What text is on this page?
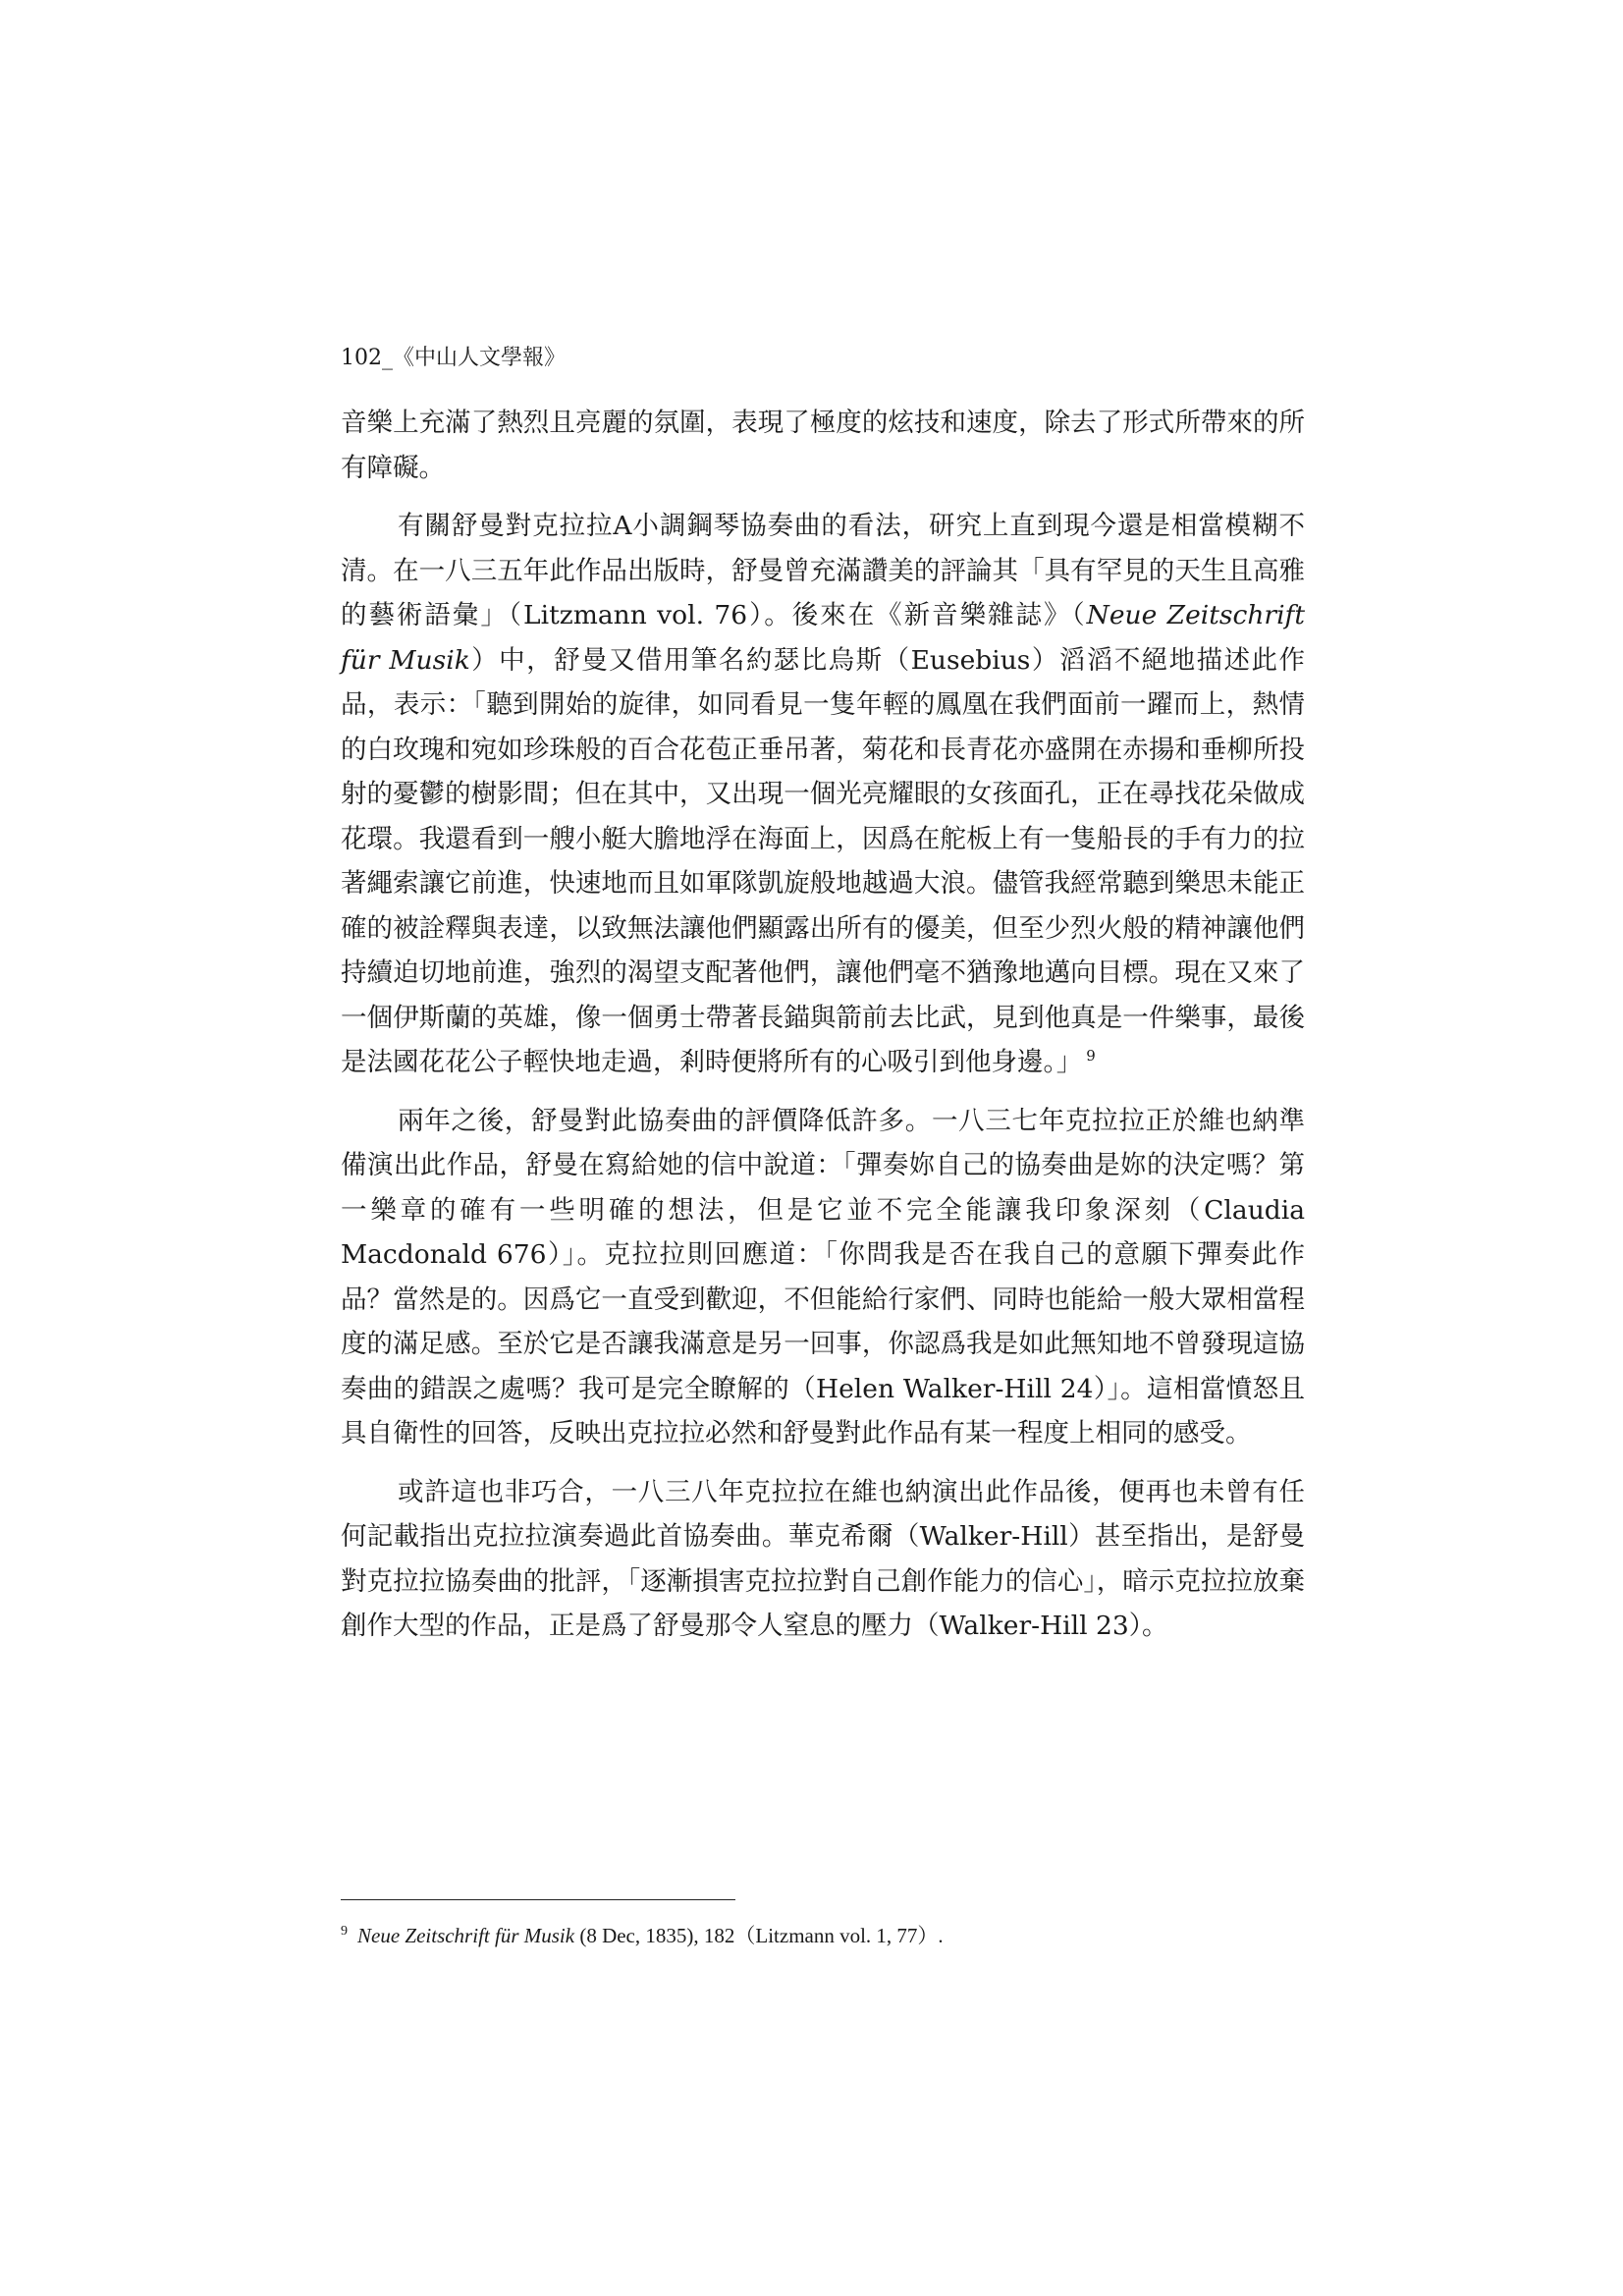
102_《中山人文學報》

音樂上充滿了熱烈且亮麗的氛圍，表現了極度的炫技和速度，除去了形式所帶來的所有障礙。

有關舒曼對克拉拉A小調鋼琴協奏曲的看法，研究上直到現今還是相當模糊不清。在一八三五年此作品出版時，舒曼曾充滿讚美的評論其「具有罕見的天生且高雅的藝術語彙」（Litzmann vol. 76）。後來在《新音樂雜誌》（Neue Zeitschrift für Musik）中，舒曼又借用筆名約瑟比烏斯（Eusebius）滔滔不絕地描述此作品，表示：「聽到開始的旋律，如同看見一隻年輕的鳳凰在我們面前一躍而上，熱情的白玫瑰和宛如珍珠般的百合花苞正垂吊著，菊花和長青花亦盛開在赤揚和垂柳所投射的憂鬱的樹影間；但在其中，又出現一個光亮耀眼的女孩面孔，正在尋找花朵做成花環。我還看到一艘小艇大膽地浮在海面上，因爲在舵板上有一隻船長的手有力的拉著繩索讓它前進，快速地而且如軍隊凱旋般地越過大浪。儘管我經常聽到樂思未能正確的被詮釋與表達，以致無法讓他們顯露出所有的優美，但至少烈火般的精神讓他們持續迫切地前進，強烈的渴望支配著他們，讓他們毫不猶豫地邁向目標。現在又來了一個伊斯蘭的英雄，像一個勇士帶著長錨與箭前去比武，見到他真是一件樂事，最後是法國花花公子輕快地走過，剎時便將所有的心吸引到他身邊。」 $^9$

兩年之後，舒曼對此協奏曲的評價降低許多。一八三七年克拉拉正於維也納準備演出此作品，舒曼在寫給她的信中說道：「彈奏妳自己的協奏曲是妳的決定嗎？第一樂章的確有一些明確的想法，但是它並不完全能讓我印象深刻（Claudia Macdonald 676）」。克拉拉則回應道：「你問我是否在我自己的意願下彈奏此作品？當然是的。因爲它一直受到歡迎，不但能給行家們、同時也能給一般大眾相當程度的滿足感。至於它是否讓我滿意是另一回事，你認爲我是如此無知地不曾發現這協奏曲的錯誤之處嗎？我可是完全瞭解的（Helen Walker-Hill 24）」。這相當憤怒且具自衛性的回答，反映出克拉拉必然和舒曼對此作品有某一程度上相同的感受。

或許這也非巧合，一八三八年克拉拉在維也納演出此作品後，便再也未曾有任何記載指出克拉拉演奏過此首協奏曲。華克希爾（Walker-Hill）甚至指出，是舒曼對克拉拉協奏曲的批評，「逐漸損害克拉拉對自己創作能力的信心」，暗示克拉拉放棄創作大型的作品，正是爲了舒曼那令人窒息的壓力（Walker-Hill 23）。

$^9$ Neue Zeitschrift für Musik (8 Dec, 1835), 182（Litzmann vol. 1, 77）.
